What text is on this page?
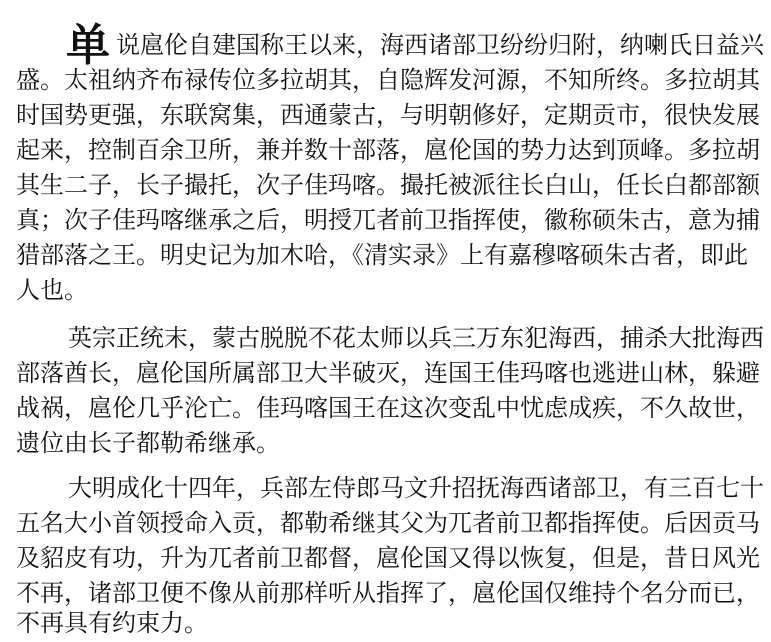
单 说扈伦自建国称王以来，海西诸部卫纷纷归附，纳喇氏日益兴
盛。太祖纳齐布禄传位多拉胡其，自隐辉发河源，不知所终。多拉胡其
时国势更强，东联窝集，西通蒙古，与明朝修好，定期贡市，很快发展
起来，控制百余卫所，兼并数十部落，扈伦国的势力达到顶峰。多拉胡
其生二子，长子撮托，次子佳玛喀。撮托被派往长白山，任长白都部额
真；次子佳玛喀继承之后，明授兀者前卫指挥使，徽称硕朱古，意为捕
猎部落之王。明史记为加木哈，《清实录》上有嘉穆喀硕朱古者，即此
人也。
英宗正统末，蒙古脱脱不花太师以兵三万东犯海西，捕杀大批海西
部落酋长，扈伦国所属部卫大半破灭，连国王佳玛喀也逃进山林，躲避
战祸，扈伦几乎沦亡。佳玛喀国王在这次变乱中忧虑成疾，不久故世，
遗位由长子都勒希继承。
大明成化十四年，兵部左侍郎马文升招抚海西诸部卫，有三百七十
五名大小首领授命入贡，都勒希继其父为兀者前卫都指挥使。后因贡马
及貂皮有功，升为兀者前卫都督，扈伦国又得以恢复，但是，昔日风光
不再，诸部卫便不像从前那样听从指挥了，扈伦国仅维持个名分而已，
不再具有约束力。
